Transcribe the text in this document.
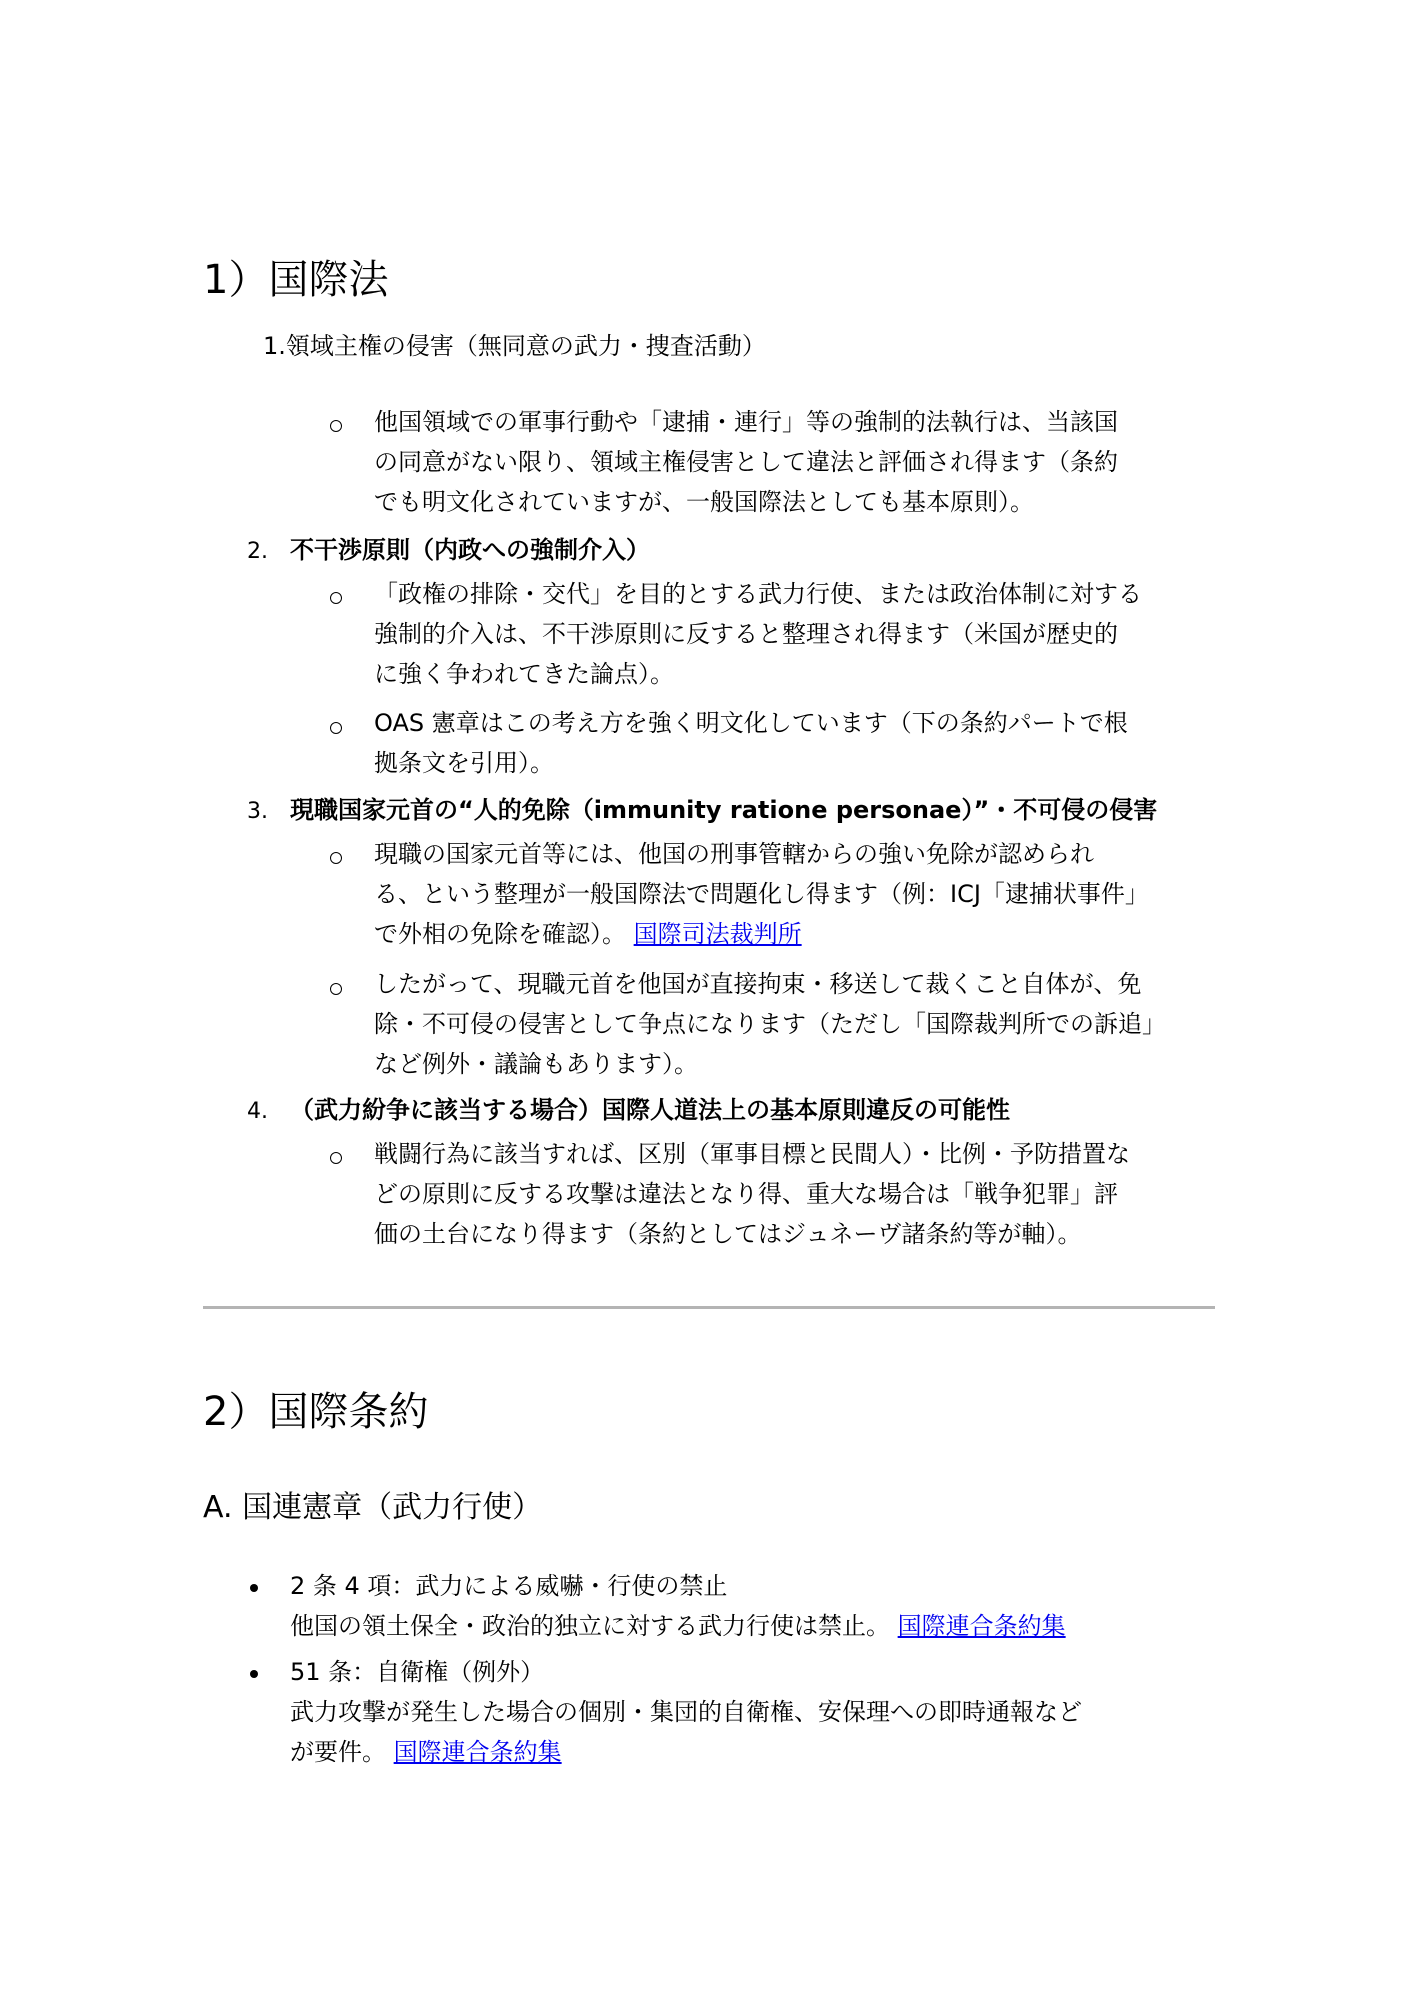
1）国際法
1.領域主権の侵害（無同意の武力・捜査活動）
他国領域での軍事行動や「逮捕・連行」等の強制的法執行は、当該国
の同意がない限り、領域主権侵害として違法と評価され得ます（条約
でも明文化されていますが、一般国際法としても基本原則）。
2. 不干渉原則（内政への強制介入）
「政権の排除・交代」を目的とする武力行使、または政治体制に対する
強制的介入は、不干渉原則に反すると整理され得ます（米国が歴史的
に強く争われてきた論点）。
OAS 憲章はこの考え方を強く明文化しています（下の条約パートで根
拠条文を引用）。
3. 現職国家元首の“人的免除（immunity ratione personae）”・不可侵の侵害
現職の国家元首等には、他国の刑事管轄からの強い免除が認められ
る、という整理が一般国際法で問題化し得ます（例：ICJ「逮捕状事件」
で外相の免除を確認）。 国際司法裁判所
したがって、現職元首を他国が直接拘束・移送して裁くこと自体が、免
除・不可侵の侵害として争点になります（ただし「国際裁判所での訴追」
など例外・議論もあります）。
4. （武力紛争に該当する場合）国際人道法上の基本原則違反の可能性
戦闘行為に該当すれば、区別（軍事目標と民間人）・比例・予防措置な
どの原則に反する攻撃は違法となり得、重大な場合は「戦争犯罪」評
価の土台になり得ます（条約としてはジュネーヴ諸条約等が軸）。
2）国際条約
A. 国連憲章（武力行使）
2 条 4 項：武力による威嚇・行使の禁止
他国の領土保全・政治的独立に対する武力行使は禁止。 国際連合条約集
51 条：自衛権（例外）
武力攻撃が発生した場合の個別・集団的自衛権、安保理への即時通報など
が要件。 国際連合条約集
